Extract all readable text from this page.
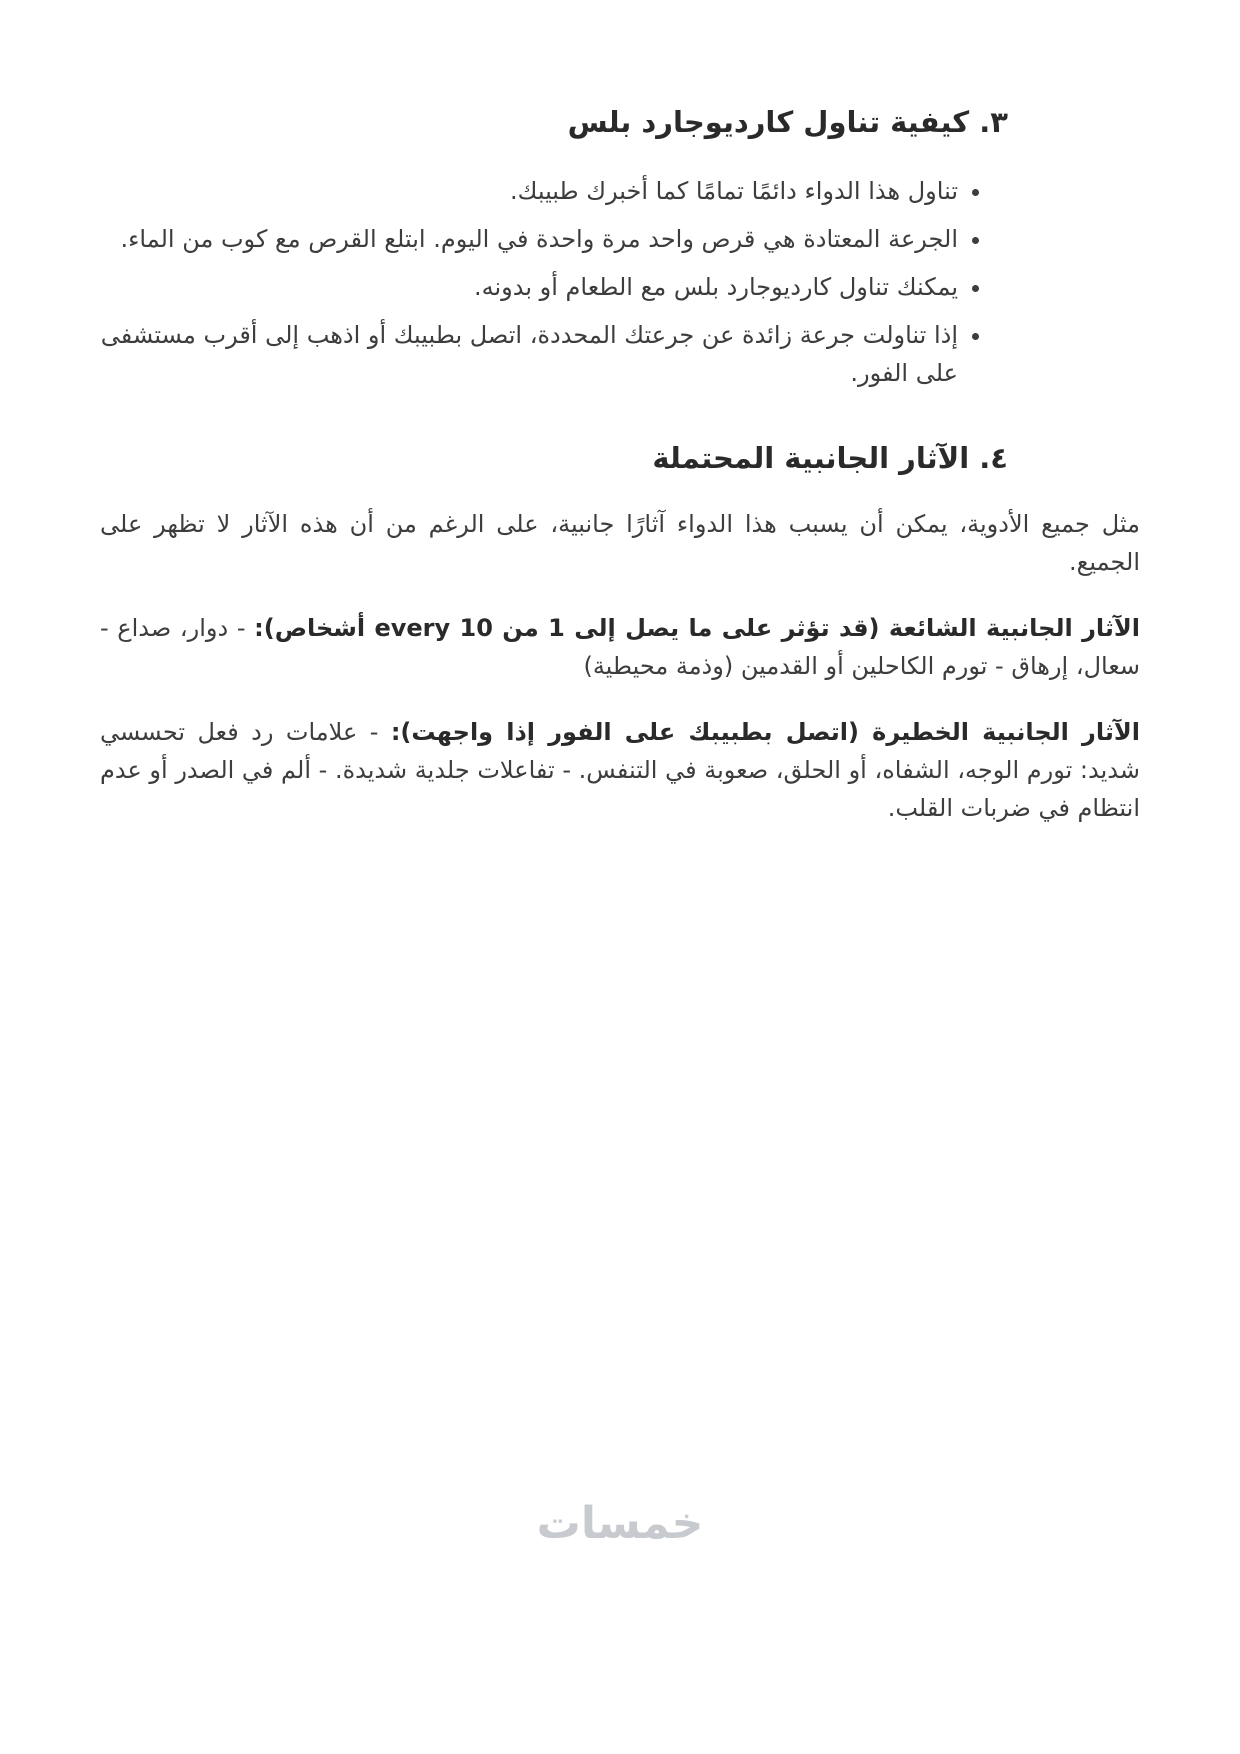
٣. كيفية تناول كارديوجارد بلس
• تناول هذا الدواء دائمًا تمامًا كما أخبرك طبيبك.
• الجرعة المعتادة هي قرص واحد مرة واحدة في اليوم. ابتلع القرص مع كوب من الماء.
• يمكنك تناول كارديوجارد بلس مع الطعام أو بدونه.
• إذا تناولت جرعة زائدة عن جرعتك المحددة، اتصل بطبيبك أو اذهب إلى أقرب مستشفى على الفور.
٤. الآثار الجانبية المحتملة

مثل جميع الأدوية، يمكن أن يسبب هذا الدواء آثارًا جانبية، على الرغم من أن هذه الآثار لا تظهر على الجميع.

الآثار الجانبية الشائعة (قد تؤثر على ما يصل إلى 1 من every 10 أشخاص): - دوار، صداع - سعال، إرهاق - تورم الكاحلين أو القدمين (وذمة محيطية)

الآثار الجانبية الخطيرة (اتصل بطبيبك على الفور إذا واجهت): - علامات رد فعل تحسسي شديد: تورم الوجه، الشفاه، أو الحلق، صعوبة في التنفس. - تفاعلات جلدية شديدة. - ألم في الصدر أو عدم انتظام في ضربات القلب.

خمسات
